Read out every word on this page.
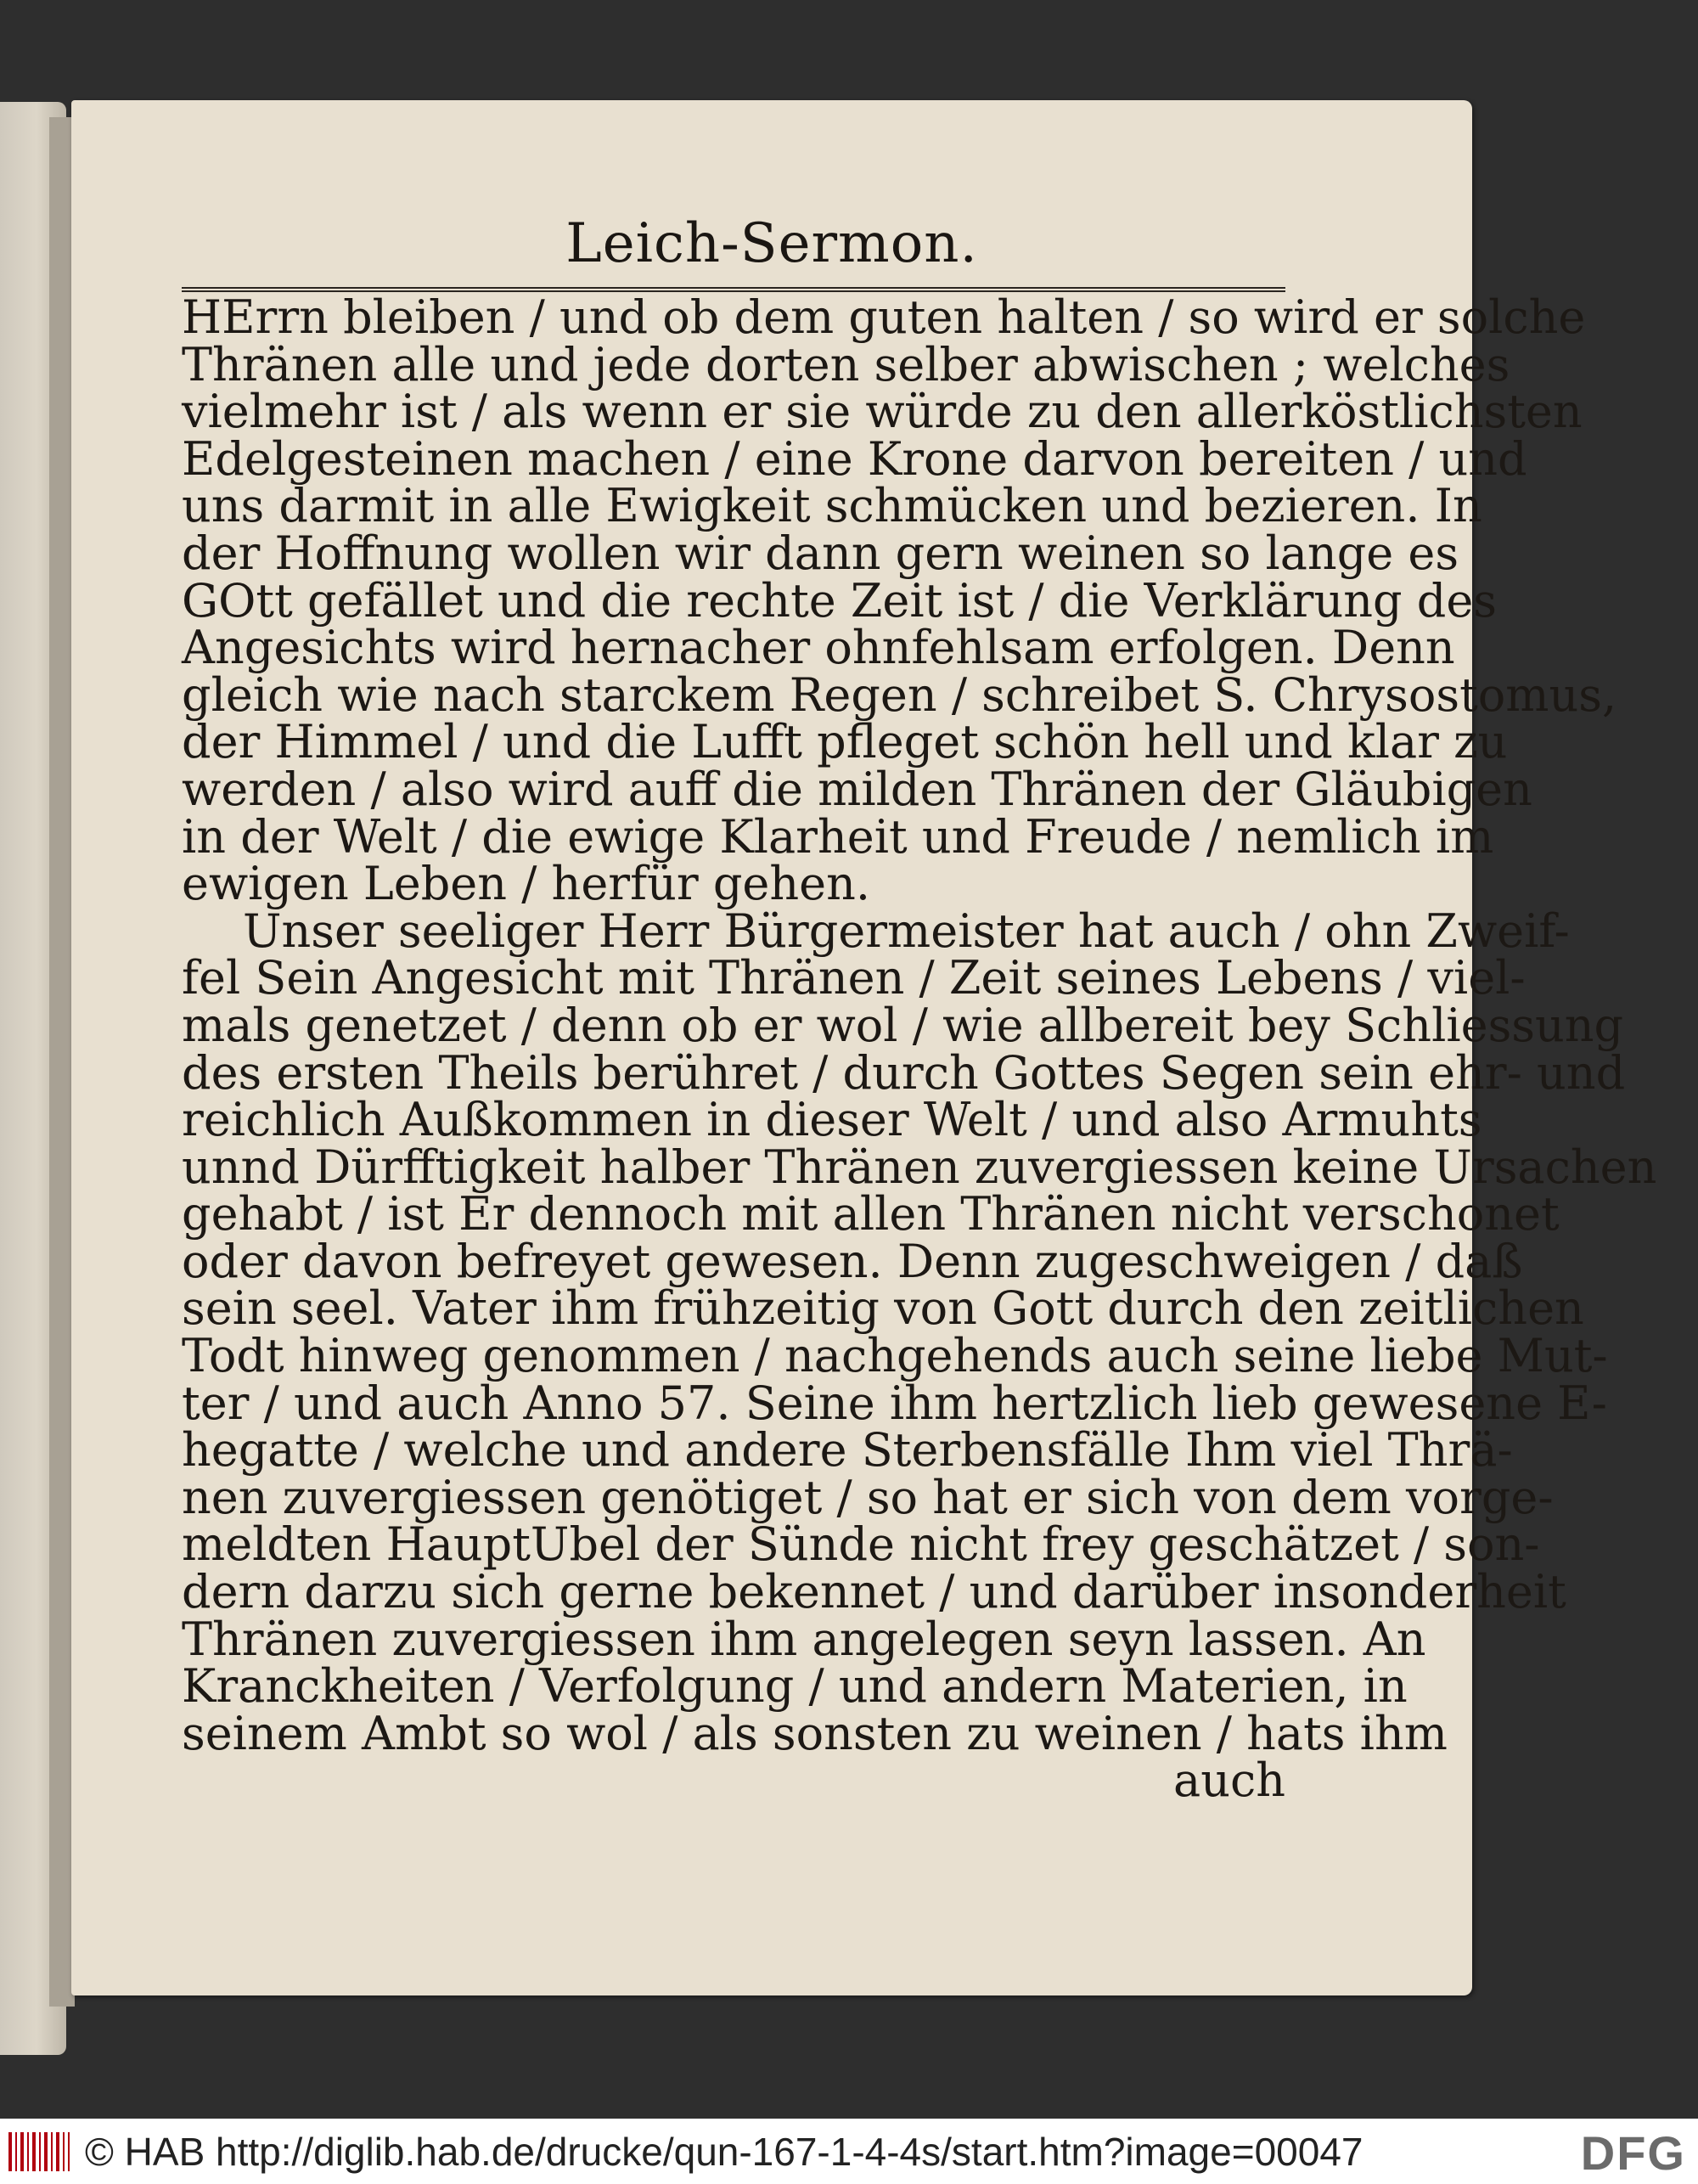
Leich-Sermon.
HErrn bleiben / und ob dem guten halten / so wird er solche
Thränen alle und jede dorten selber abwischen ; welches
vielmehr ist / als wenn er sie würde zu den allerköstlichsten
Edelgesteinen machen / eine Krone darvon bereiten / und
uns darmit in alle Ewigkeit schmücken und bezieren. In
der Hoffnung wollen wir dann gern weinen so lange es
GOtt gefället und die rechte Zeit ist / die Verklärung des
Angesichts wird hernacher ohnfehlsam erfolgen. Denn
gleich wie nach starckem Regen / schreibet S. Chrysostomus,
der Himmel / und die Lufft pfleget schön hell und klar zu
werden / also wird auff die milden Thränen der Gläubigen
in der Welt / die ewige Klarheit und Freude / nemlich im
ewigen Leben / herfür gehen.
Unser seeliger Herr Bürgermeister hat auch / ohn Zweif-
fel Sein Angesicht mit Thränen / Zeit seines Lebens / viel-
mals genetzet / denn ob er wol / wie allbereit bey Schliessung
des ersten Theils berühret / durch Gottes Segen sein ehr- und
reichlich Außkommen in dieser Welt / und also Armuhts
unnd Dürfftigkeit halber Thränen zuvergiessen keine Ursachen
gehabt / ist Er dennoch mit allen Thränen nicht verschonet
oder davon befreyet gewesen. Denn zugeschweigen / daß
sein seel. Vater ihm frühzeitig von Gott durch den zeitlichen
Todt hinweg genommen / nachgehends auch seine liebe Mut-
ter / und auch Anno 57. Seine ihm hertzlich lieb gewesene E-
hegatte / welche und andere Sterbensfälle Ihm viel Thrä-
nen zuvergiessen genötiget / so hat er sich von dem vorge-
meldten HauptUbel der Sünde nicht frey geschätzet / son-
dern darzu sich gerne bekennet / und darüber insonderheit
Thränen zuvergiessen ihm angelegen seyn lassen. An
Kranckheiten / Verfolgung / und andern Materien, in
seinem Ambt so wol / als sonsten zu weinen / hats ihm
auch
© HAB http://diglib.hab.de/drucke/qun-167-1-4-4s/start.htm?image=00047	DFG
